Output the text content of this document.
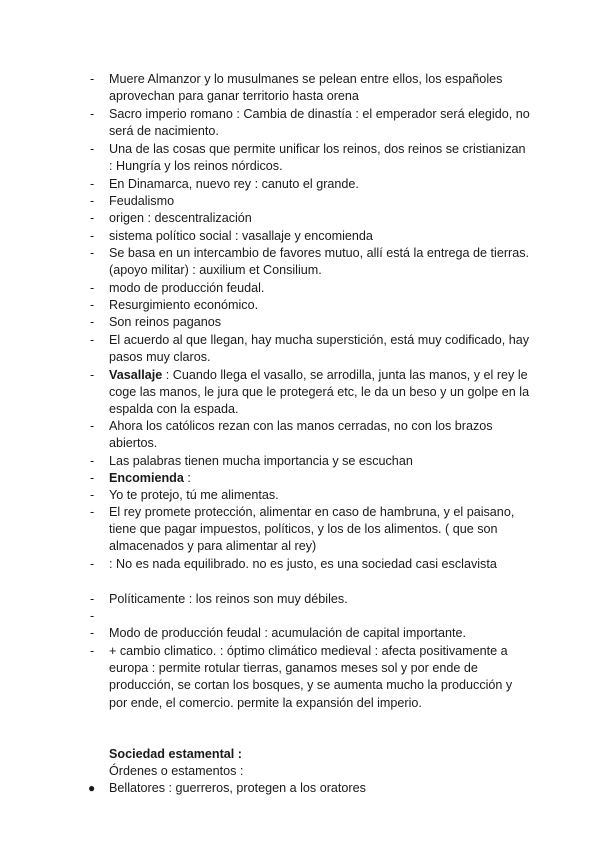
-	Muere Almanzor y lo musulmanes se pelean entre ellos, los españoles aprovechan para ganar territorio hasta orena
-	Sacro imperio romano : Cambia de dinastía : el emperador será elegido, no será de nacimiento.
-	Una de las cosas que permite unificar los reinos, dos reinos se cristianizan : Hungría y los reinos nórdicos.
-	En Dinamarca, nuevo rey : canuto el grande.
-	Feudalismo
-	origen : descentralización
-	sistema político social : vasallaje y encomienda
-	Se basa en un intercambio de favores mutuo, allí está la entrega de tierras. (apoyo militar) : auxilium et Consilium.
-	modo de producción feudal.
-	Resurgimiento económico.
-	Son reinos paganos
-	El acuerdo al que llegan, hay mucha superstición, está muy codificado, hay pasos muy claros.
-	Vasallaje : Cuando llega el vasallo, se arrodilla, junta las manos, y el rey le coge las manos, le jura que le protegerá etc, le da un beso y un golpe en la espalda con la espada.
-	Ahora los católicos rezan con las manos cerradas, no con los brazos abiertos.
-	Las palabras tienen mucha importancia y se escuchan
-	Encomienda :
-	Yo te protejo, tú me alimentas.
-	El rey promete protección, alimentar en caso de hambruna, y el paisano, tiene que pagar impuestos, políticos, y los de los alimentos. ( que son almacenados y para alimentar al rey)
-	: No es nada equilibrado. no es justo, es una sociedad casi esclavista
-	Políticamente : los reinos son muy débiles.
-
-	Modo de producción feudal : acumulación de capital importante.
-	+ cambio climatico. : óptimo climático medieval : afecta positivamente a europa : permite rotular tierras, ganamos meses sol y por ende de producción, se cortan los bosques, y se aumenta mucho la producción y por ende, el comercio. permite la expansión del imperio.
Sociedad estamental :
Órdenes o estamentos :
●	Bellatores : guerreros, protegen a los oratores
